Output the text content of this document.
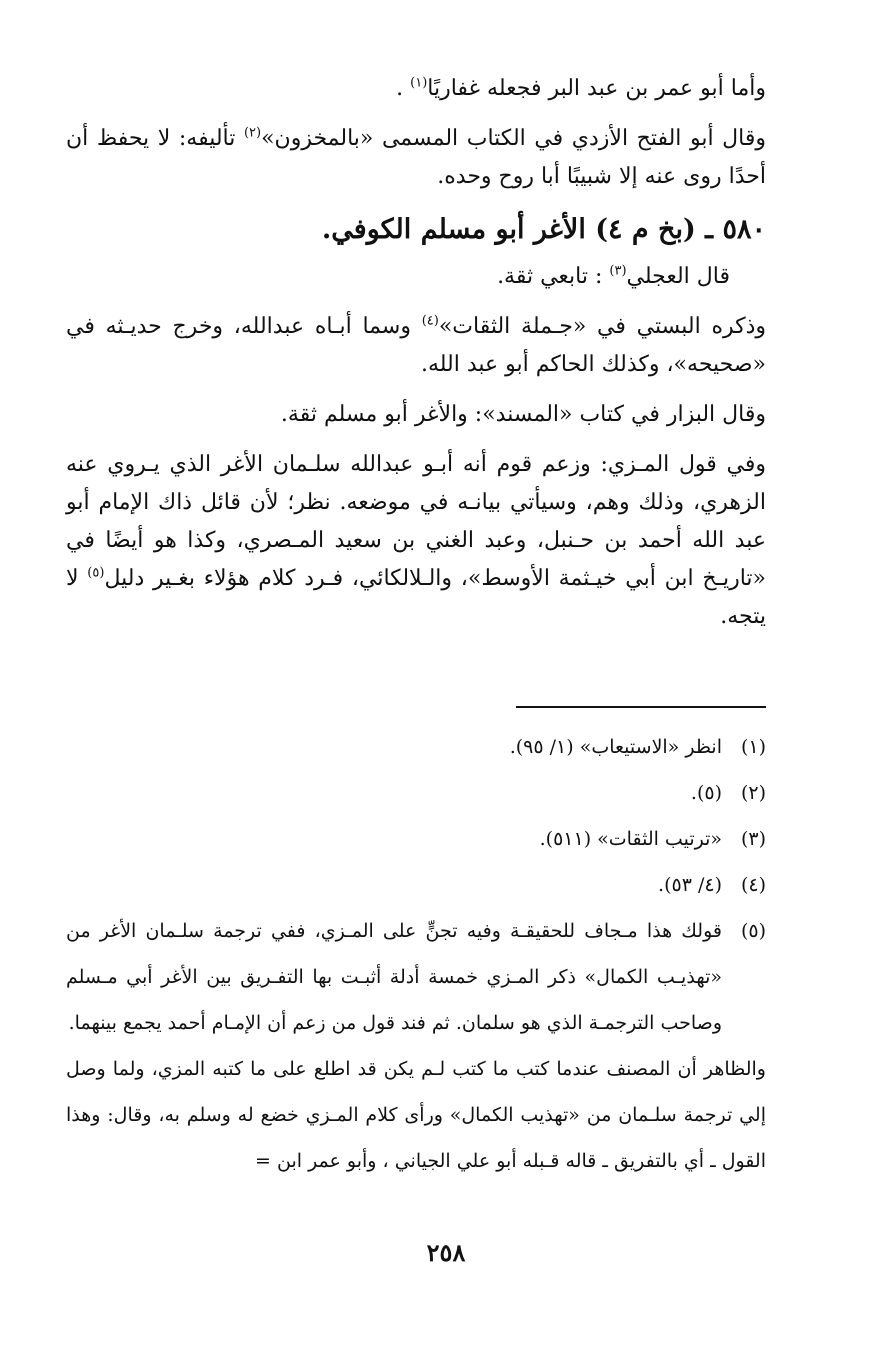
وأما أبو عمر بن عبد البر فجعله غفاريًا$^{(١)}$ .

وقال أبو الفتح الأزدي في الكتاب المسمى «بالمخزون»$^{(٢)}$ تأليفه: لا يحفظ أن أحدًا روى عنه إلا شبيبًا أبا روح وحده.

٥٨٠ ـ (بخ م ٤) الأغر أبو مسلم الكوفي.

قال العجلي$^{(٣)}$ : تابعي ثقة.

وذكره البستي في «جـملة الثقات»$^{(٤)}$ وسما أبـاه عبدالله، وخرج حديـثه في «صحيحه»، وكذلك الحاكم أبو عبد الله.

وقال البزار في كتاب «المسند»: والأغر أبو مسلم ثقة.

وفي قول المـزي: وزعم قوم أنه أبـو عبدالله سلـمان الأغر الذي يـروي عنه الزهري، وذلك وهم، وسيأتي بيانـه في موضعه. نظر؛ لأن قائل ذاك الإمام أبو عبد الله أحمد بن حـنبل، وعبد الغني بن سعيد المـصري، وكذا هو أيضًا في «تاريـخ ابن أبي خيـثمة الأوسط»، والـلالكائي، فـرد كلام هؤلاء بغـير دليل$^{(٥)}$ لا يتجه.

(١)
انظر «الاستيعاب» (١/ ٩٥).
(٢)
(٥).
(٣)
«ترتيب الثقات» (٥١١).
(٤)
(٤/ ٥٣).
(٥)
قولك هذا مـجاف للحقيقـة وفيه تجنٍّ على المـزي، ففي ترجمة سلـمان الأغر من «تهذيـب الكمال» ذكر المـزي خمسة أدلة أثبـت بها التفـريق بين الأغر أبي مـسلم وصاحب الترجمـة الذي هو سلمان. ثم فند قول من زعم أن الإمـام أحمد يجمع بينهما.
والظاهر أن المصنف عندما كتب ما كتب لـم يكن قد اطلع على ما كتبه المزي، ولما وصل إلي ترجمة سلـمان من «تهذيب الكمال» ورأى كلام المـزي خضع له وسلم به، وقال: وهذا القول ـ أي بالتفريق ـ قاله قـبله أبو علي الجياني ، وأبو عمر ابن =
٢٥٨
